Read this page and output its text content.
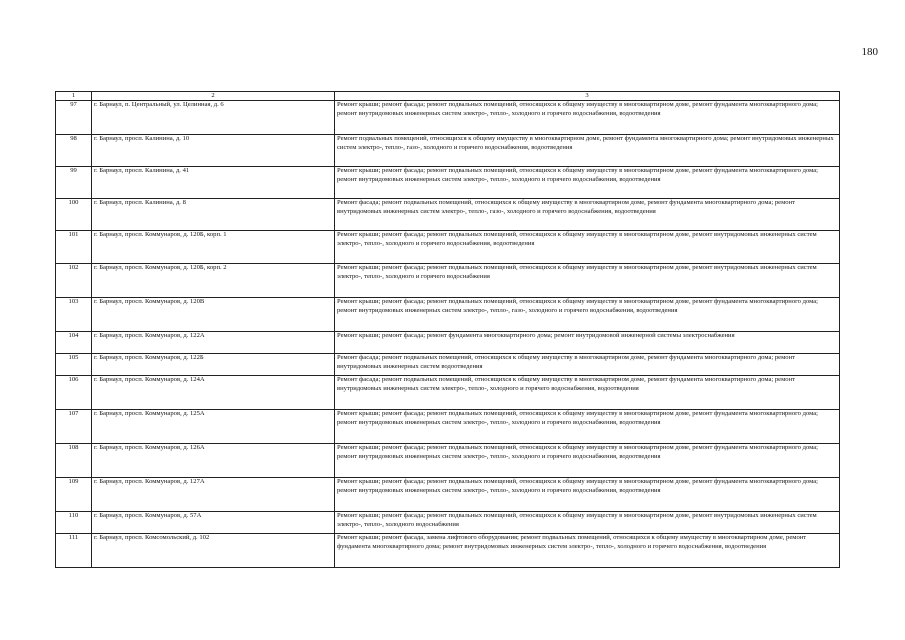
180
1	2	3
97	г. Барнаул, п. Центральный, ул. Целинная, д. 6	Ремонт крыши; ремонт фасада; ремонт подвальных помещений, относящихся к общему имуществу в многоквартирном доме, ремонт фундамента многоквартирного дома; ремонт внутридомовых инженерных систем электро-, тепло-, холодного и горячего водоснабжения, водоотведения
98	г. Барнаул, просп. Калинина, д. 10	Ремонт подвальных помещений, относящихся к общему имуществу в многоквартирном доме, ремонт фундамента многоквартирного дома; ремонт внутридомовых инженерных систем электро-, тепло-, газо-, холодного и горячего водоснабжения, водоотведения
99	г. Барнаул, просп. Калинина, д. 41	Ремонт крыши; ремонт фасада; ремонт подвальных помещений, относящихся к общему имуществу в многоквартирном доме, ремонт фундамента многоквартирного дома; ремонт внутридомовых инженерных систем электро-, тепло-, холодного и горячего водоснабжения, водоотведения
100	г. Барнаул, просп. Калинина, д. 8	Ремонт фасада; ремонт подвальных помещений, относящихся к общему имуществу в многоквартирном доме, ремонт фундамента многоквартирного дома; ремонт внутридомовых инженерных систем электро-, тепло-, газо-, холодного и горячего водоснабжения, водоотведения
101	г. Барнаул, просп. Коммунаров, д. 120Б, корп. 1	Ремонт крыши; ремонт фасада; ремонт подвальных помещений, относящихся к общему имуществу в многоквартирном доме, ремонт внутридомовых инженерных систем электро-, тепло-, холодного и горячего водоснабжения, водоотведения
102	г. Барнаул, просп. Коммунаров, д. 120Б, корп. 2	Ремонт крыши; ремонт фасада; ремонт подвальных помещений, относящихся к общему имуществу в многоквартирном доме, ремонт внутридомовых инженерных систем электро-, тепло-, холодного и горячего водоснабжения
103	г. Барнаул, просп. Коммунаров, д. 120В	Ремонт крыши; ремонт фасада; ремонт подвальных помещений, относящихся к общему имуществу в многоквартирном доме, ремонт фундамента многоквартирного дома; ремонт внутридомовых инженерных систем электро-, тепло-, газо-, холодного и горячего водоснабжения, водоотведения
104	г. Барнаул, просп. Коммунаров, д. 122А	Ремонт крыши; ремонт фасада; ремонт фундамента многоквартирного дома; ремонт внутридомовой инженерной системы электроснабжения
105	г. Барнаул, просп. Коммунаров, д. 122Б	Ремонт фасада; ремонт подвальных помещений, относящихся к общему имуществу в многоквартирном доме, ремонт фундамента многоквартирного дома; ремонт внутридомовых инженерных систем водоотведения
106	г. Барнаул, просп. Коммунаров, д. 124А	Ремонт фасада; ремонт подвальных помещений, относящихся к общему имуществу в многоквартирном доме, ремонт фундамента многоквартирного дома; ремонт внутридомовых инженерных систем электро-, тепло-, холодного и горячего водоснабжения, водоотведения
107	г. Барнаул, просп. Коммунаров, д. 125А	Ремонт крыши; ремонт фасада; ремонт подвальных помещений, относящихся к общему имуществу в многоквартирном доме, ремонт фундамента многоквартирного дома; ремонт внутридомовых инженерных систем электро-, тепло-, холодного и горячего водоснабжения, водоотведения
108	г. Барнаул, просп. Коммунаров, д. 126А	Ремонт крыши; ремонт фасада; ремонт подвальных помещений, относящихся к общему имуществу в многоквартирном доме, ремонт фундамента многоквартирного дома; ремонт внутридомовых инженерных систем электро-, тепло-, холодного и горячего водоснабжения, водоотведения
109	г. Барнаул, просп. Коммунаров, д. 127А	Ремонт крыши; ремонт фасада; ремонт подвальных помещений, относящихся к общему имуществу в многоквартирном доме, ремонт фундамента многоквартирного дома; ремонт внутридомовых инженерных систем электро-, тепло-, холодного и горячего водоснабжения, водоотведения
110	г. Барнаул, просп. Коммунаров, д. 57А	Ремонт крыши; ремонт фасада; ремонт подвальных помещений, относящихся к общему имуществу в многоквартирном доме, ремонт внутридомовых инженерных систем электро-, тепло-, холодного водоснабжения
111	г. Барнаул, просп. Комсомольский, д. 102	Ремонт крыши; ремонт фасада, замена лифтового оборудования; ремонт подвальных помещений, относящихся к общему имуществу в многоквартирном доме, ремонт фундамента многоквартирного дома; ремонт внутридомовых инженерных систем электро-, тепло-, холодного и горячего водоснабжения, водоотведения
